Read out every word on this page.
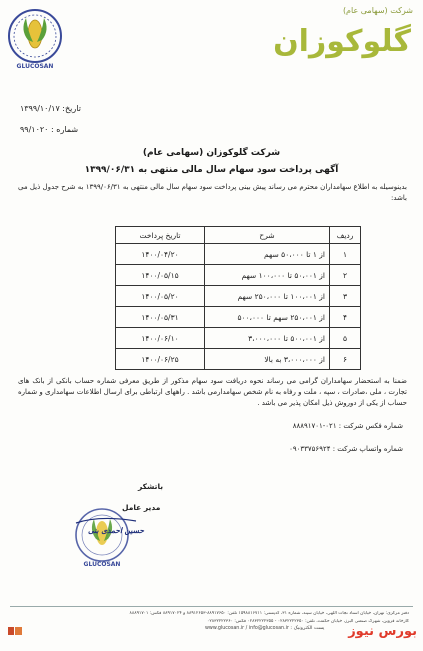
GLUCOSAN
شرکت (سهامی عام)
گلوکوزان
تاریخ: ۱۳۹۹/۱۰/۱۷
شماره : ۹۹/۱۰۲۰
شرکت گلوکوزان (سهامی عام)
آگهی پرداخت سود سهام سال مالی منتهی به ۱۳۹۹/۰۶/۳۱
بدینوسیله به اطلاع سهامداران محترم می رساند پیش بینی پرداخت سود سهام سال مالی منتهی به ۱۳۹۹/۰۶/۳۱ به شرح جدول ذیل می باشد:
ردیف	شرح	تاریخ پرداخت
۱	از ۱ تا ۵۰،۰۰۰ سهم	۱۴۰۰/۰۴/۲۰
۲	از ۵۰،۰۰۱ تا ۱۰۰،۰۰۰ سهم	۱۴۰۰/۰۵/۱۵
۳	از ۱۰۰،۰۰۱ تا ۲۵۰،۰۰۰ سهم	۱۴۰۰/۰۵/۲۰
۴	از ۲۵۰،۰۰۱ سهم تا ۵۰۰،۰۰۰	۱۴۰۰/۰۵/۳۱
۵	از ۵۰۰،۰۰۱ تا ۳،۰۰۰،۰۰۰	۱۴۰۰/۰۶/۱۰
۶	از ۳،۰۰۰،۰۰۰ به بالا	۱۴۰۰/۰۶/۲۵
ضمنا به استحضار سهامداران گرامی می رساند نحوه دریافت سود سهام مذکور از طریق معرفی شماره حساب بانکی از بانک های تجارت ، ملی ،صادرات ، سپه ، ملت و رفاه به نام شخص سهامدارمی باشد . راههای ارتباطی برای ارسال اطلاعات سهامداری و شماره حساب از یکی از دوروش ذیل امکان پذیر می باشد .
شماره فکس شرکت : ۰۲۱-۸۸۸۹۱۷۰۱
شماره واتساپ شرکت : ۰۹۰۳۳۷۵۶۹۲۴
باتشکر
GLUCOSAN
مدیر عامل
حسین احمدی بنی
دفتر مرکزی: تهران، خیابان استاد نجات اللهی، خیابان سپند، شماره ۳۱، کدپستی: ۱۵۹۸۸۱۶۷۱۱ تلفن: ۸۸۹۱۷۶۵۰-۸۸۹۱۲۶۵۳ و ۸۸۹۱۷۰۲۴ فکس: ۸۸۸۹۱۷۰۱
کارخانه قزوین، شهرک صنعتی البرز، خیابان حکمت، تلفن: ۰۲۸۳۲۲۲۲۳۵۰ - ۰۲۸۳۲۲۲۲۳۵۵ فکس: ۰۲۸۳۲۲۲۲۳۶۰
www.glucosan.ir / info@glucosan.ir : پست الکترونیک بورس نیوز
